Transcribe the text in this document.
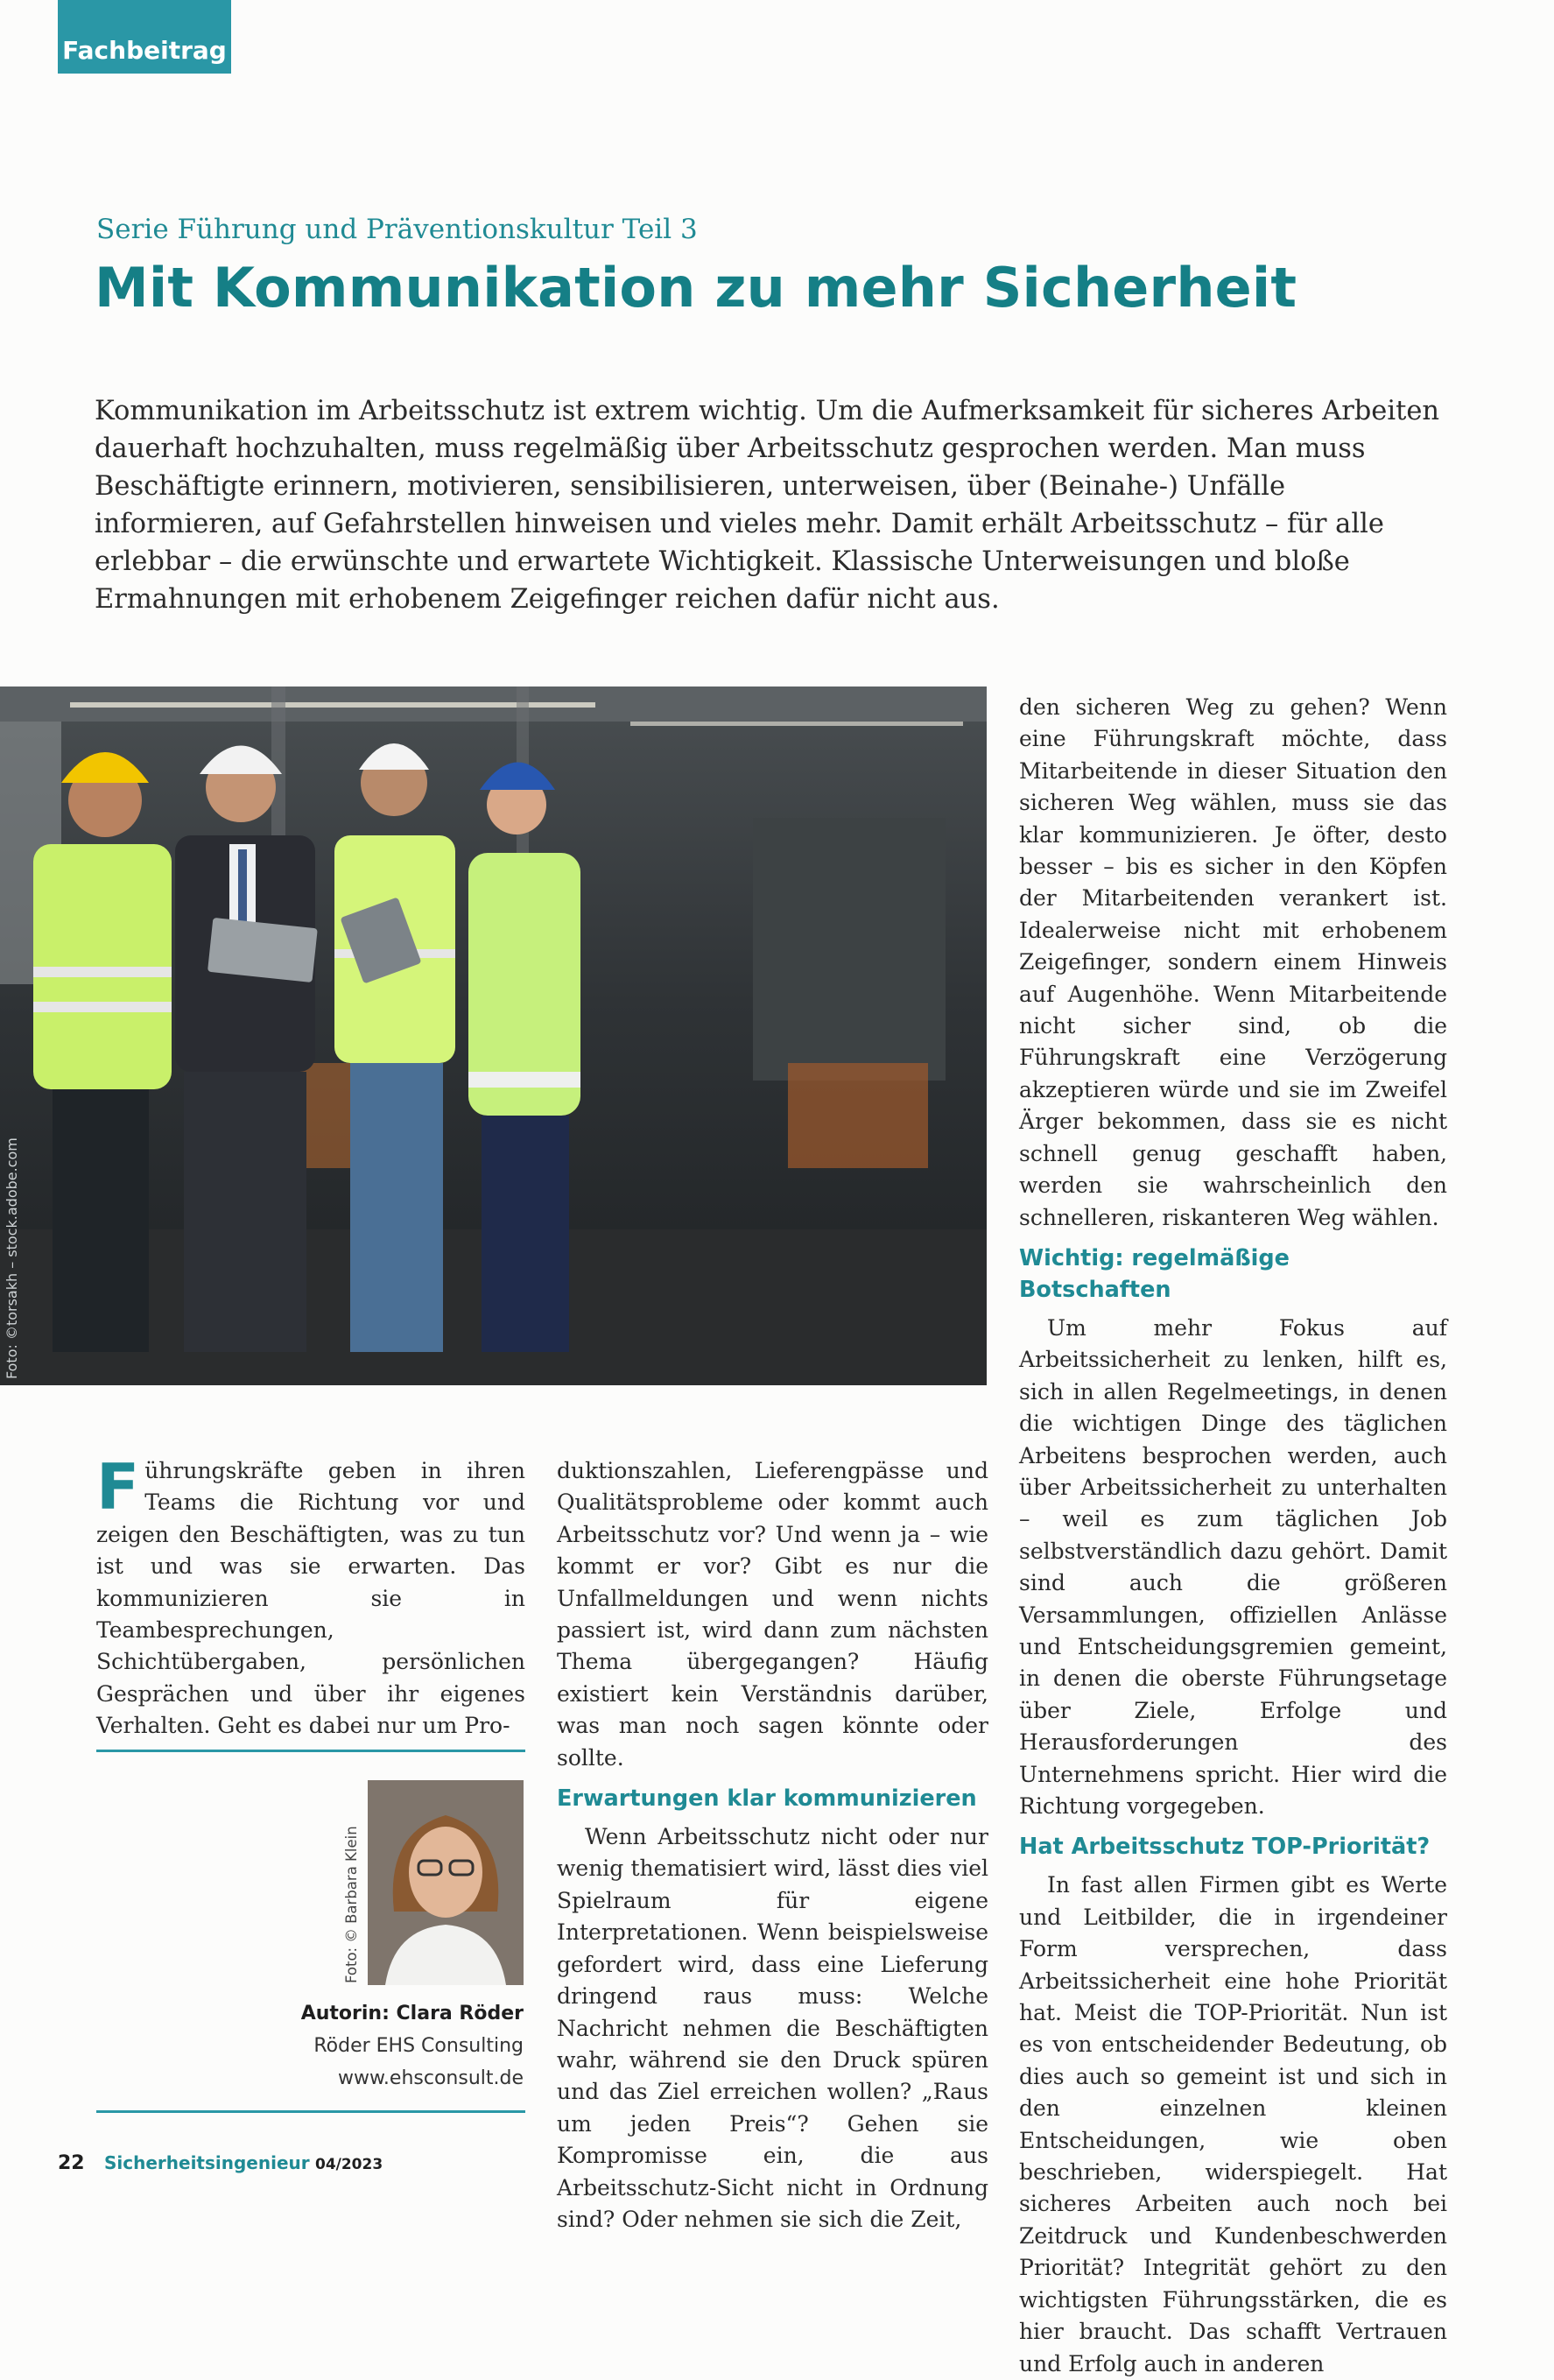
Fachbeitrag
Serie Führung und Präventionskultur Teil 3
Mit Kommunikation zu mehr Sicherheit

Kommunikation im Arbeitsschutz ist extrem wichtig. Um die Aufmerksamkeit für sicheres Arbeiten dauerhaft hochzuhalten, muss regelmäßig über Arbeitsschutz gesprochen werden. Man muss Beschäftigte erinnern, motivieren, sensibilisieren, unterweisen, über (Beinahe-) Unfälle informieren, auf Gefahrstellen hinweisen und vieles mehr. Damit erhält Arbeitsschutz – für alle erlebbar – die erwünschte und erwartete Wichtigkeit. Klassische Unterweisungen und bloße Ermahnungen mit erhobenem Zeigefinger reichen dafür nicht aus.

Foto: ©torsakh – stock.adobe.com

Führungskräfte geben in ihren Teams die Richtung vor und zeigen den Beschäftigten, was zu tun ist und was sie erwarten. Das kommunizieren sie in Teambesprechungen, Schichtübergaben, persönlichen Gesprächen und über ihr eigenes Verhalten. Geht es dabei nur um Pro-

Foto: © Barbara Klein
Autorin: Clara Röder
Röder EHS Consulting
www.ehsconsult.de

duktionszahlen, Lieferengpässe und Qualitätsprobleme oder kommt auch Arbeitsschutz vor? Und wenn ja – wie kommt er vor? Gibt es nur die Unfallmeldungen und wenn nichts passiert ist, wird dann zum nächsten Thema übergegangen? Häufig existiert kein Verständnis darüber, was man noch sagen könnte oder sollte.

Erwartungen klar kommunizieren

Wenn Arbeitsschutz nicht oder nur wenig thematisiert wird, lässt dies viel Spielraum für eigene Interpretationen. Wenn beispielsweise gefordert wird, dass eine Lieferung dringend raus muss: Welche Nachricht nehmen die Beschäftigten wahr, während sie den Druck spüren und das Ziel erreichen wollen? „Raus um jeden Preis“? Gehen sie Kompromisse ein, die aus Arbeitsschutz-Sicht nicht in Ordnung sind? Oder nehmen sie sich die Zeit,

den sicheren Weg zu gehen? Wenn eine Führungskraft möchte, dass Mitarbeitende in dieser Situation den sicheren Weg wählen, muss sie das klar kommunizieren. Je öfter, desto besser – bis es sicher in den Köpfen der Mitarbeitenden verankert ist. Idealerweise nicht mit erhobenem Zeigefinger, sondern einem Hinweis auf Augenhöhe. Wenn Mitarbeitende nicht sicher sind, ob die Führungskraft eine Verzögerung akzeptieren würde und sie im Zweifel Ärger bekommen, dass sie es nicht schnell genug geschafft haben, werden sie wahrscheinlich den schnelleren, riskanteren Weg wählen.

Wichtig: regelmäßige Botschaften

Um mehr Fokus auf Arbeitssicherheit zu lenken, hilft es, sich in allen Regelmeetings, in denen die wichtigen Dinge des täglichen Arbeitens besprochen werden, auch über Arbeitssicherheit zu unterhalten – weil es zum täglichen Job selbstverständlich dazu gehört. Damit sind auch die größeren Versammlungen, offiziellen Anlässe und Entscheidungsgremien gemeint, in denen die oberste Führungsetage über Ziele, Erfolge und Herausforderungen des Unternehmens spricht. Hier wird die Richtung vorgegeben.

Hat Arbeitsschutz TOP-Priorität?

In fast allen Firmen gibt es Werte und Leitbilder, die in irgendeiner Form versprechen, dass Arbeitssicherheit eine hohe Priorität hat. Meist die TOP-Priorität. Nun ist es von entscheidender Bedeutung, ob dies auch so gemeint ist und sich in den einzelnen kleinen Entscheidungen, wie oben beschrieben, widerspiegelt. Hat sicheres Arbeiten auch noch bei Zeitdruck und Kundenbeschwerden Priorität? Integrität gehört zu den wichtigsten Führungsstärken, die es hier braucht. Das schafft Vertrauen und Erfolg auch in anderen

22 Sicherheitsingenieur 04/2023
